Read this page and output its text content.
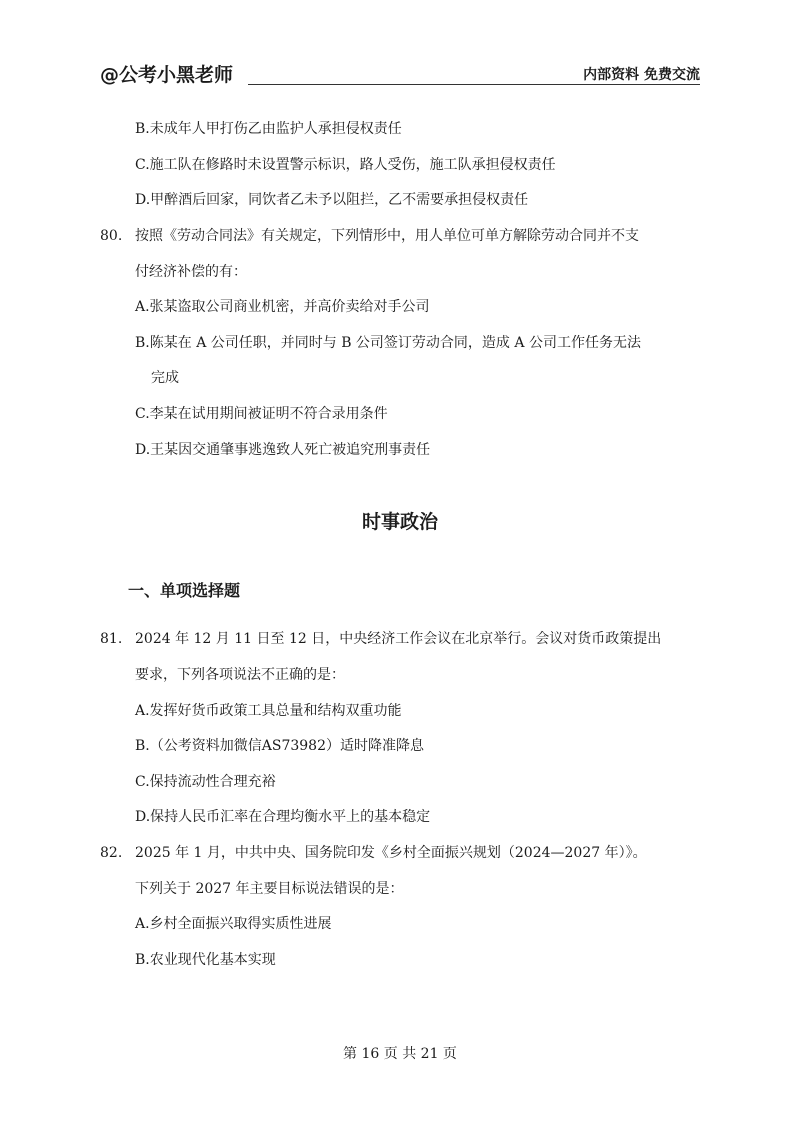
@公考小黑老师	内部资料 免费交流
B.未成年人甲打伤乙由监护人承担侵权责任
C.施工队在修路时未设置警示标识，路人受伤，施工队承担侵权责任
D.甲醉酒后回家，同饮者乙未予以阻拦，乙不需要承担侵权责任
80. 按照《劳动合同法》有关规定，下列情形中，用人单位可单方解除劳动合同并不支
付经济补偿的有：
A.张某盗取公司商业机密，并高价卖给对手公司
B.陈某在 A 公司任职，并同时与 B 公司签订劳动合同，造成 A 公司工作任务无法
完成
C.李某在试用期间被证明不符合录用条件
D.王某因交通肇事逃逸致人死亡被追究刑事责任
时事政治
一、单项选择题
81. 2024 年 12 月 11 日至 12 日，中央经济工作会议在北京举行。会议对货币政策提出
要求，下列各项说法不正确的是：
A.发挥好货币政策工具总量和结构双重功能
B.（公考资料加微信AS73982）适时降准降息
C.保持流动性合理充裕
D.保持人民币汇率在合理均衡水平上的基本稳定
82. 2025 年 1 月，中共中央、国务院印发《乡村全面振兴规划（2024—2027 年）》。
下列关于 2027 年主要目标说法错误的是：
A.乡村全面振兴取得实质性进展
B.农业现代化基本实现
第 16 页 共 21 页
